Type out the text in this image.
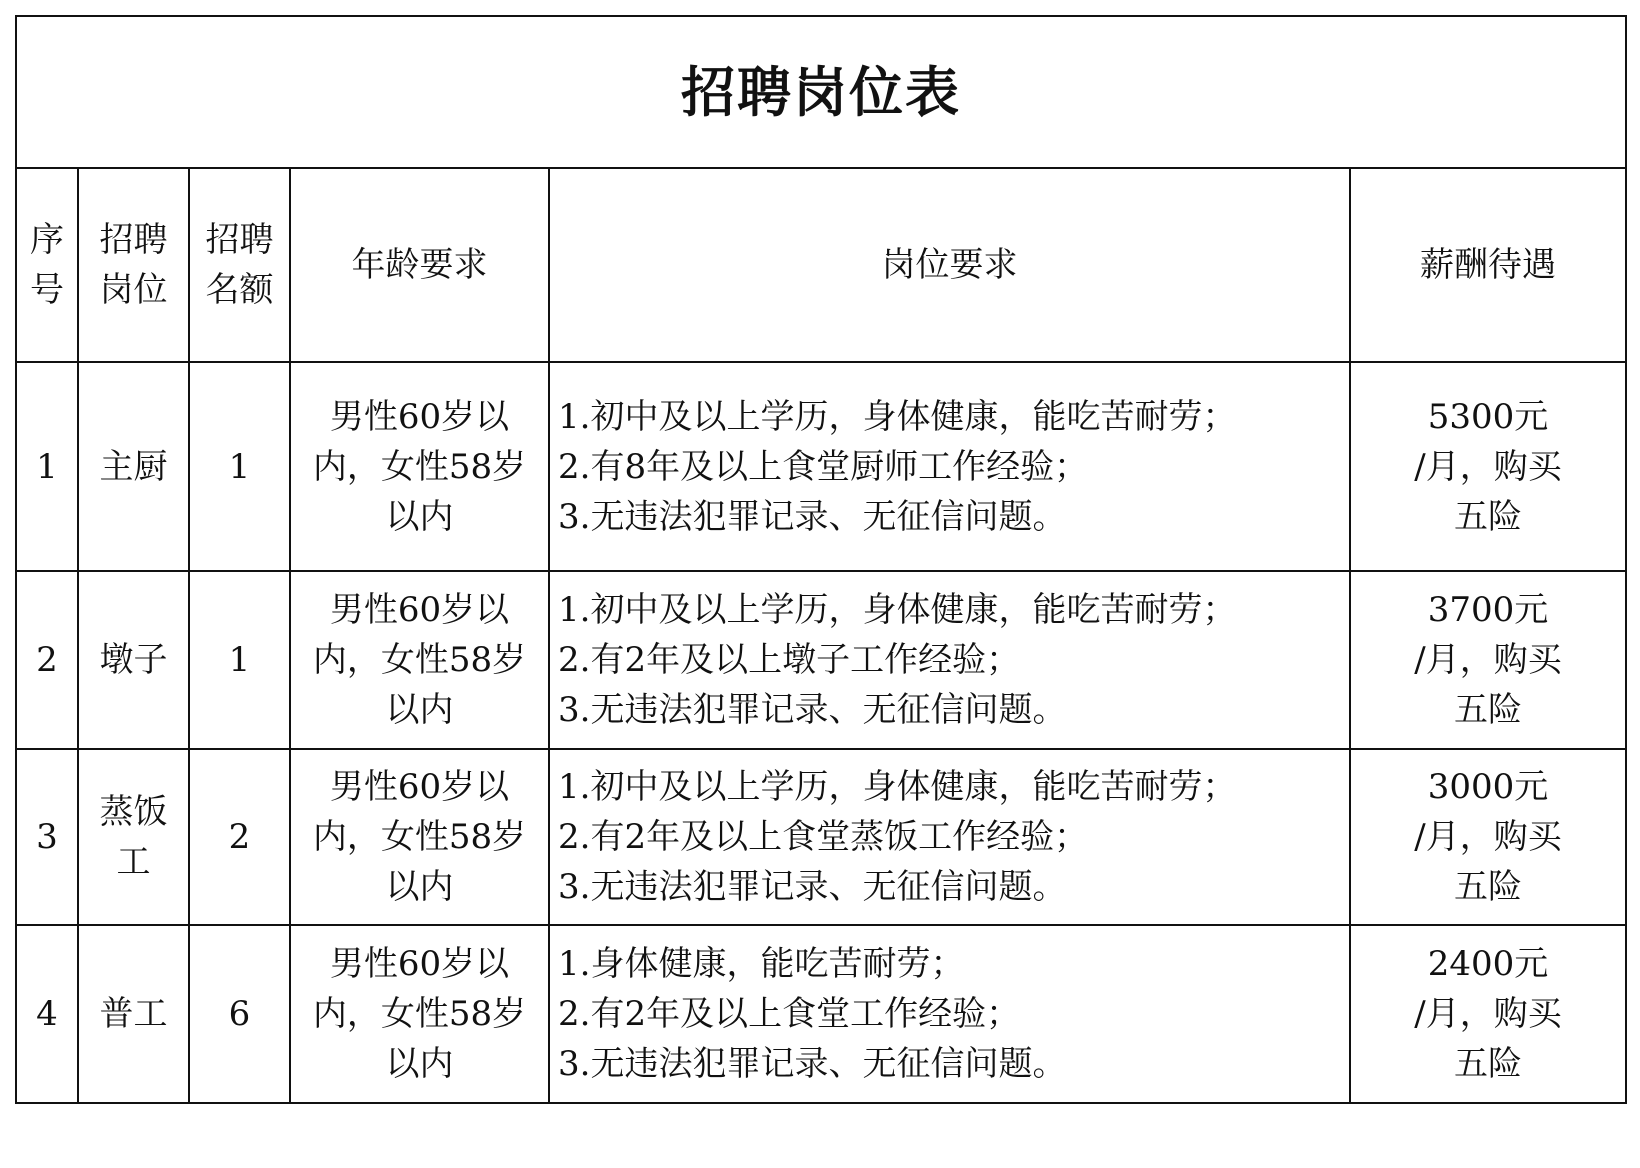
招聘岗位表					

序
号	招聘
岗位	招聘
名额	年龄要求	岗位要求	薪酬待遇
1	主厨	1	男性60岁以
内，女性58岁
以内	1.初中及以上学历，身体健康，能吃苦耐劳；
2.有8年及以上食堂厨师工作经验；
3.无违法犯罪记录、无征信问题。	5300元
/月，购买
五险

2	墩子	1	男性60岁以
内，女性58岁
以内	1.初中及以上学历，身体健康，能吃苦耐劳；
2.有2年及以上墩子工作经验；
3.无违法犯罪记录、无征信问题。	3700元
/月，购买
五险

3	蒸饭
工	2	男性60岁以
内，女性58岁
以内	1.初中及以上学历，身体健康，能吃苦耐劳；
2.有2年及以上食堂蒸饭工作经验；
3.无违法犯罪记录、无征信问题。	3000元
/月，购买
五险

4	普工	6	男性60岁以
内，女性58岁
以内	1.身体健康，能吃苦耐劳；
2.有2年及以上食堂工作经验；
3.无违法犯罪记录、无征信问题。	2400元
/月，购买
五险
